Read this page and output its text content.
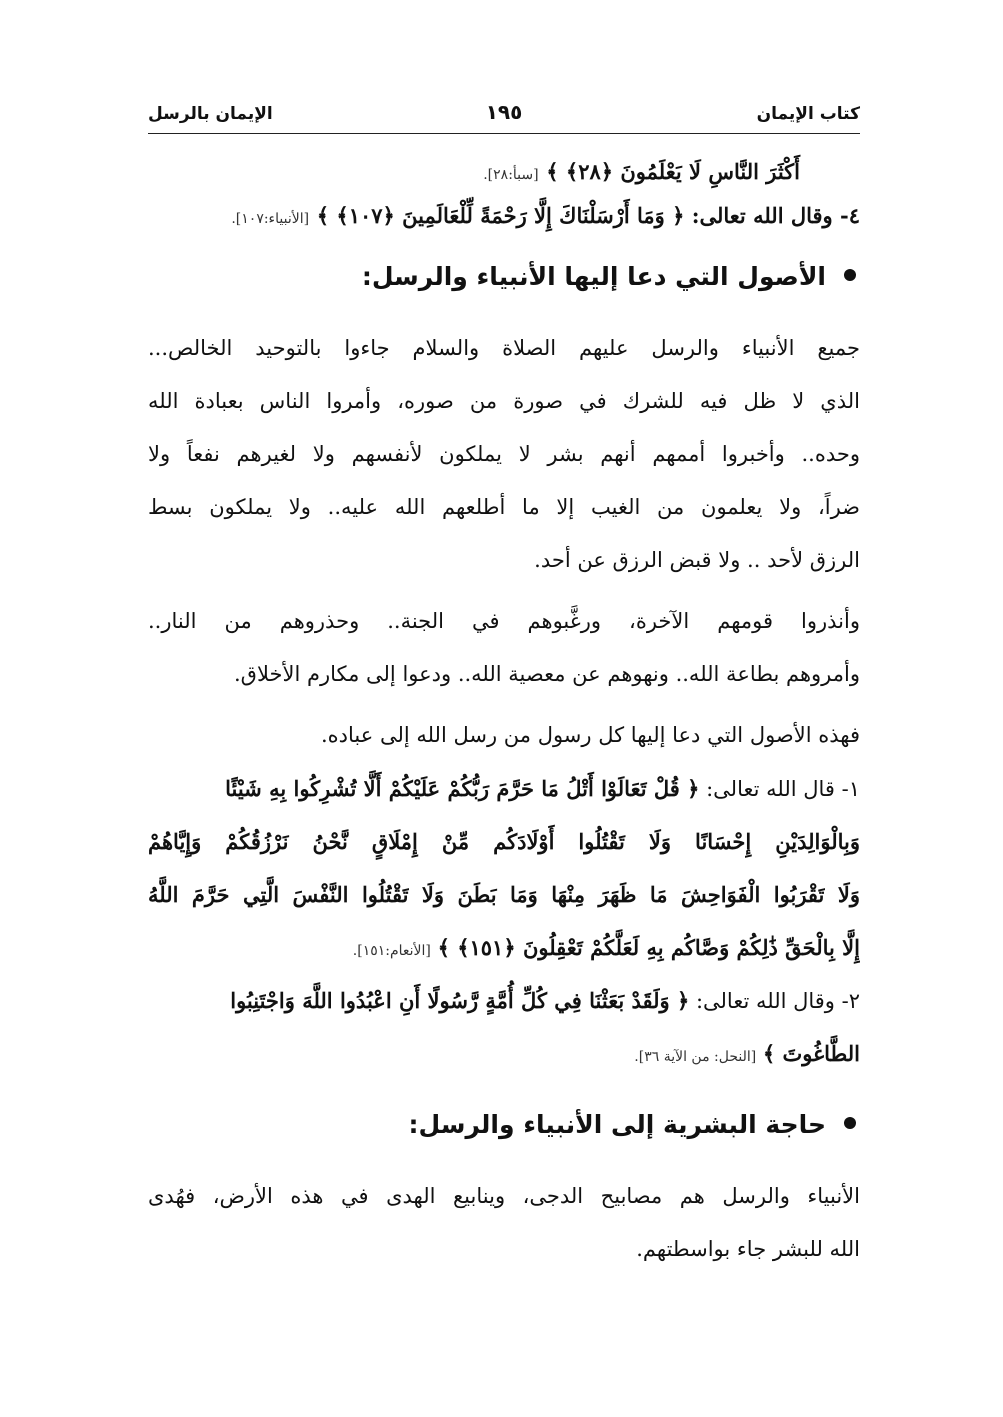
كتاب الإيمان
١٩٥
الإيمان بالرسل
أَكْثَرَ النَّاسِ لَا يَعْلَمُونَ ﴿٢٨﴾ ﴾ [سبأ:٢٨].
٤- وقال الله تعالى: ﴿ وَمَا أَرْسَلْنَاكَ إِلَّا رَحْمَةً لِّلْعَالَمِينَ ﴿١٠٧﴾ ﴾ [الأنبياء:١٠٧].
الأصول التي دعا إليها الأنبياء والرسل:
جميع الأنبياء والرسل عليهم الصلاة والسلام جاءوا بالتوحيد الخالص...
الذي لا ظل فيه للشرك في صورة من صوره، وأمروا الناس بعبادة الله
وحده.. وأخبروا أممهم أنهم بشر لا يملكون لأنفسهم ولا لغيرهم نفعاً ولا
ضراً، ولا يعلمون من الغيب إلا ما أطلعهم الله عليه.. ولا يملكون بسط
الرزق لأحد .. ولا قبض الرزق عن أحد.
وأنذروا قومهم الآخرة، ورغَّبوهم في الجنة.. وحذروهم من النار..
وأمروهم بطاعة الله.. ونهوهم عن معصية الله.. ودعوا إلى مكارم الأخلاق.
فهذه الأصول التي دعا إليها كل رسول من رسل الله إلى عباده.
١- قال الله تعالى: ﴿ قُلْ تَعَالَوْا أَتْلُ مَا حَرَّمَ رَبُّكُمْ عَلَيْكُمْ أَلَّا تُشْرِكُوا بِهِ شَيْئًا
وَبِالْوَالِدَيْنِ إِحْسَانًا وَلَا تَقْتُلُوا أَوْلَادَكُم مِّنْ إِمْلَاقٍ نَّحْنُ نَرْزُقُكُمْ وَإِيَّاهُمْ
وَلَا تَقْرَبُوا الْفَوَاحِشَ مَا ظَهَرَ مِنْهَا وَمَا بَطَنَ وَلَا تَقْتُلُوا النَّفْسَ الَّتِي حَرَّمَ اللَّهُ
إِلَّا بِالْحَقِّ ذَٰلِكُمْ وَصَّاكُم بِهِ لَعَلَّكُمْ تَعْقِلُونَ ﴿١٥١﴾ ﴾ [الأنعام:١٥١].
٢- وقال الله تعالى: ﴿ وَلَقَدْ بَعَثْنَا فِي كُلِّ أُمَّةٍ رَّسُولًا أَنِ اعْبُدُوا اللَّهَ وَاجْتَنِبُوا
الطَّاغُوتَ ﴾ [النحل: من الآية ٣٦].
حاجة البشرية إلى الأنبياء والرسل:
الأنبياء والرسل هم مصابيح الدجى، وينابيع الهدى في هذه الأرض، فهُدى
الله للبشر جاء بواسطتهم.
